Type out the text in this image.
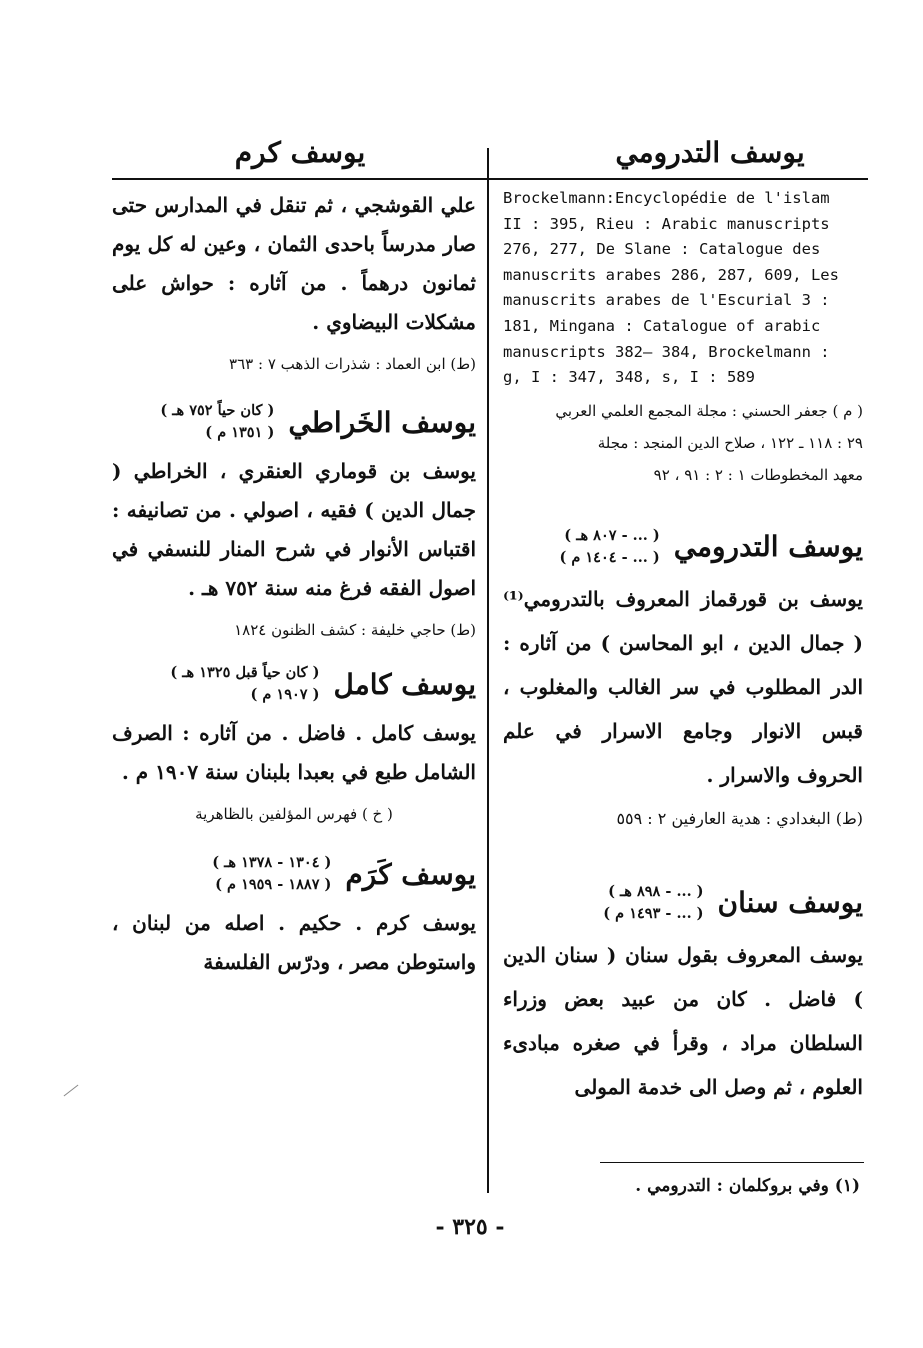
يوسف التدرومي
يوسف كرم
Brockelmann:Encyclopédie de l'islam
II : 395, Rieu : Arabic manuscripts
276, 277, De Slane : Catalogue des
manuscrits arabes 286, 287, 609, Les
manuscrits arabes de l'Escurial 3 :
181, Mingana : Catalogue of arabic
manuscripts 382— 384, Brockelmann :
g, I : 347, 348, s, I : 589
( م ) جعفر الحسني : مجلة المجمع العلمي العربي
٢٩ : ١١٨ ـ ١٢٢ ، صلاح الدين المنجد : مجلة
معهد المخطوطات ١ : ٢ : ٩١ ، ٩٢
يوسف التدرومي
( ... - ٨٠٧ هـ )
( ... - ١٤٠٤ م )

يوسف بن قورقماز المعروف بالتدرومي⁽¹⁾ ( جمال الدين ، ابو المحاسن ) من آثاره : الدر المطلوب في سر الغالب والمغلوب ، قبس الانوار وجامع الاسرار في علم الحروف والاسرار .

(ط) البغدادي : هدية العارفين ٢ : ٥٥٩
يوسف سنان
( ... - ٨٩٨ هـ )
( ... - ١٤٩٣ م )

يوسف المعروف بقول سنان ( سنان الدين ) فاضل . كان من عبيد بعض وزراء السلطان مراد ، وقرأ في صغره مبادىء العلوم ، ثم وصل الى خدمة المولى

(١) وفي بروكلمان : التدرومي .

علي القوشجي ، ثم تنقل في المدارس حتى صار مدرساً باحدى الثمان ، وعين له كل يوم ثمانون درهماً . من آثاره : حواش على مشكلات البيضاوي .

(ط) ابن العماد : شذرات الذهب ٧ : ٣٦٣
يوسف الخَراطي
( كان حياً ٧٥٢ هـ )
( ١٣٥١ م )

يوسف بن قوماري العنقري ، الخراطي ( جمال الدين ) فقيه ، اصولي . من تصانيفه : اقتباس الأنوار في شرح المنار للنسفي في اصول الفقه فرغ منه سنة ٧٥٢ هـ .

(ط) حاجي خليفة : كشف الظنون ١٨٢٤
يوسف كامل
( كان حياً قبل ١٣٢٥ هـ )
( ١٩٠٧ م )

يوسف كامل . فاضل . من آثاره : الصرف الشامل طبع في بعبدا بلبنان سنة ١٩٠٧ م .

( خ ) فهرس المؤلفين بالظاهرية
يوسف كَرَم
( ١٣٠٤ - ١٣٧٨ هـ )
( ١٨٨٧ - ١٩٥٩ م )

يوسف كرم . حكيم . اصله من لبنان ، واستوطن مصر ، ودرّس الفلسفة

- ٣٢٥ -
